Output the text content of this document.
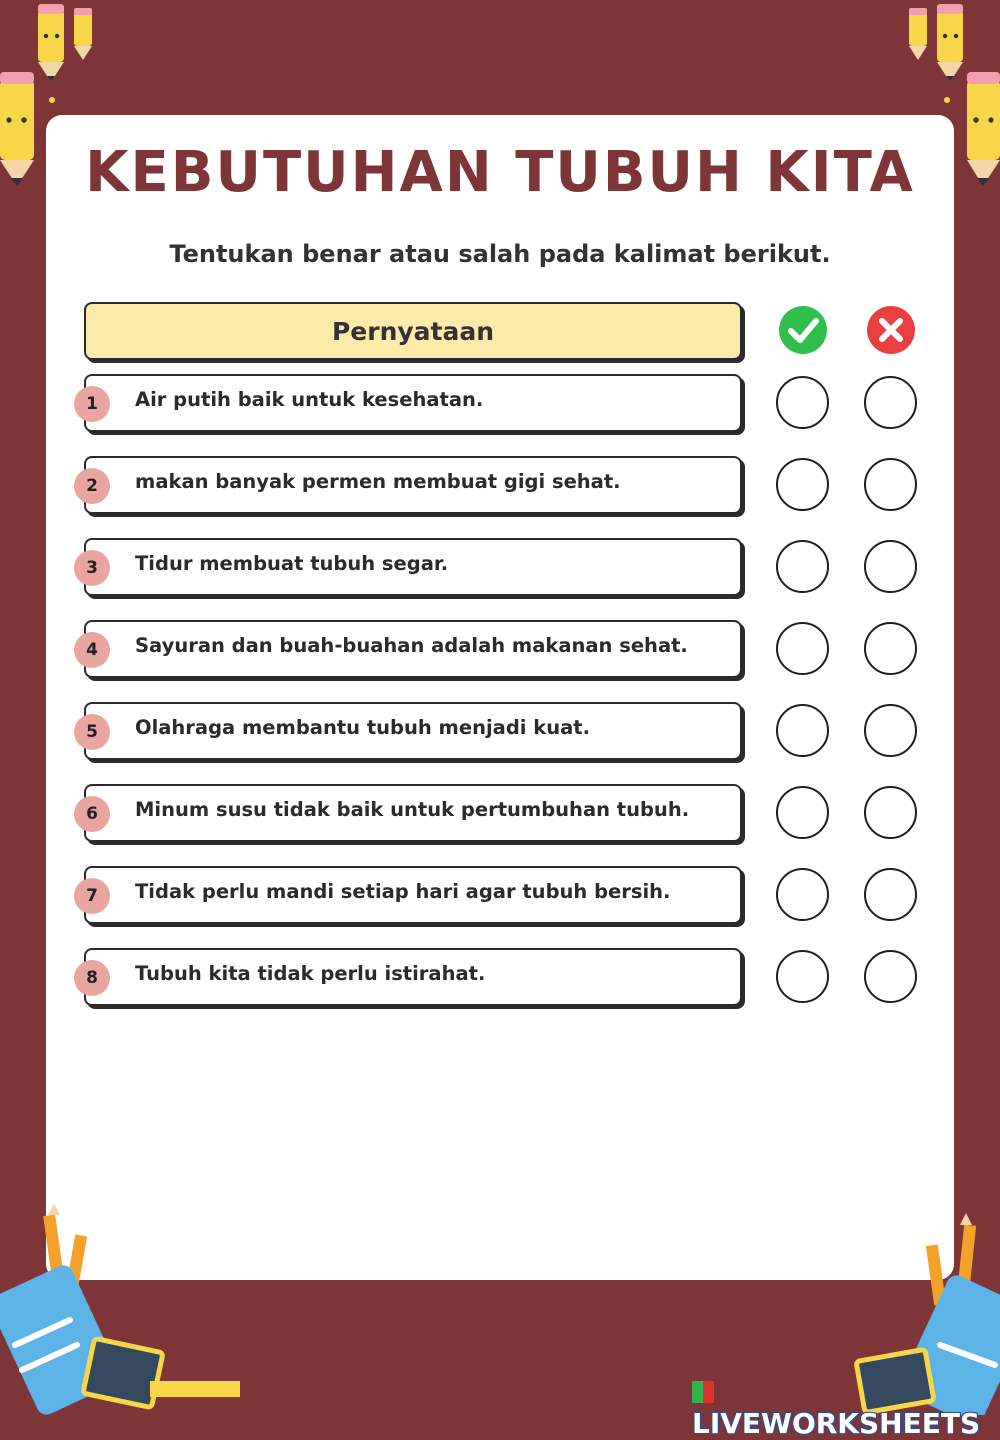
KEBUTUHAN TUBUH KITA
Tentukan benar atau salah pada kalimat berikut.
Pernyataan
1	Air putih baik untuk kesehatan.
2	makan banyak permen membuat gigi sehat.
3	Tidur membuat tubuh segar.
4	Sayuran dan buah-buahan adalah makanan sehat.
5	Olahraga membantu tubuh menjadi kuat.
6	Minum susu tidak baik untuk pertumbuhan tubuh.
7	Tidak perlu mandi setiap hari agar tubuh bersih.
8	Tubuh kita tidak perlu istirahat.
LIVEWORKSHEETS
